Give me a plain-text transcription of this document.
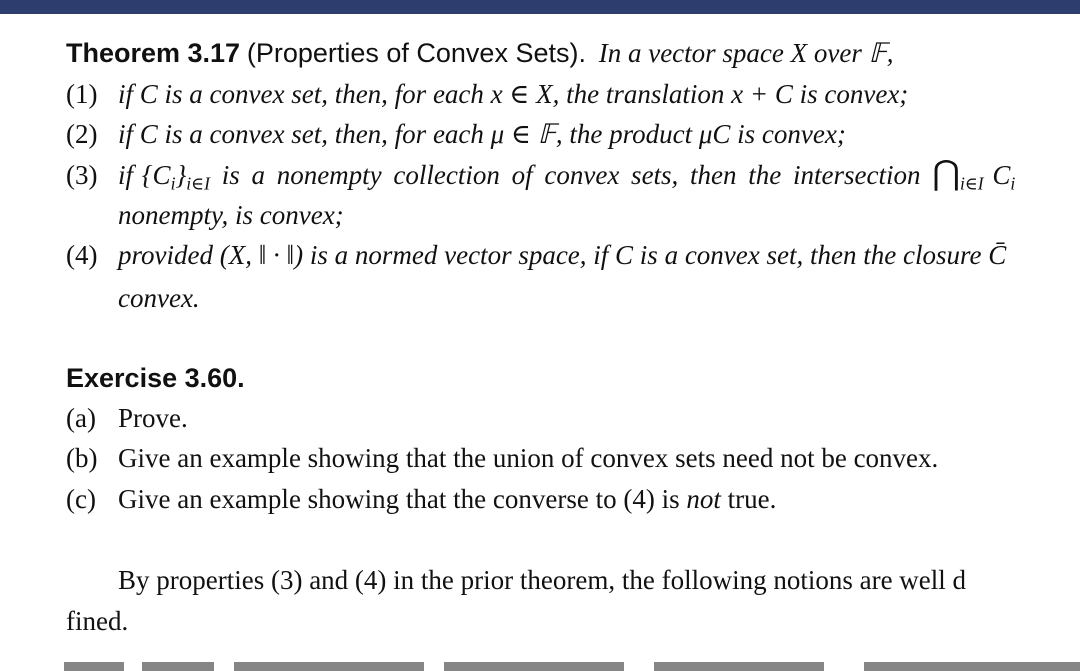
Theorem 3.17 (Properties of Convex Sets). In a vector space X over 𝔽,
(1) if C is a convex set, then, for each x ∈ X, the translation x + C is convex;
(2) if C is a convex set, then, for each μ ∈ 𝔽, the product μC is convex;
(3) if $\{C_i\}_{i\in I}$ is a nonempty collection of convex sets, then the intersection $⋂_{i\in I}$ $C_i$
nonempty, is convex;
(4) provided (X, ‖ · ‖) is a normed vector space, if C is a convex set, then the closure C̄
convex.
Exercise 3.60.
(a) Prove.
(b) Give an example showing that the union of convex sets need not be convex.
(c) Give an example showing that the converse to (4) is not true.
By properties (3) and (4) in the prior theorem, the following notions are well d
fined.
